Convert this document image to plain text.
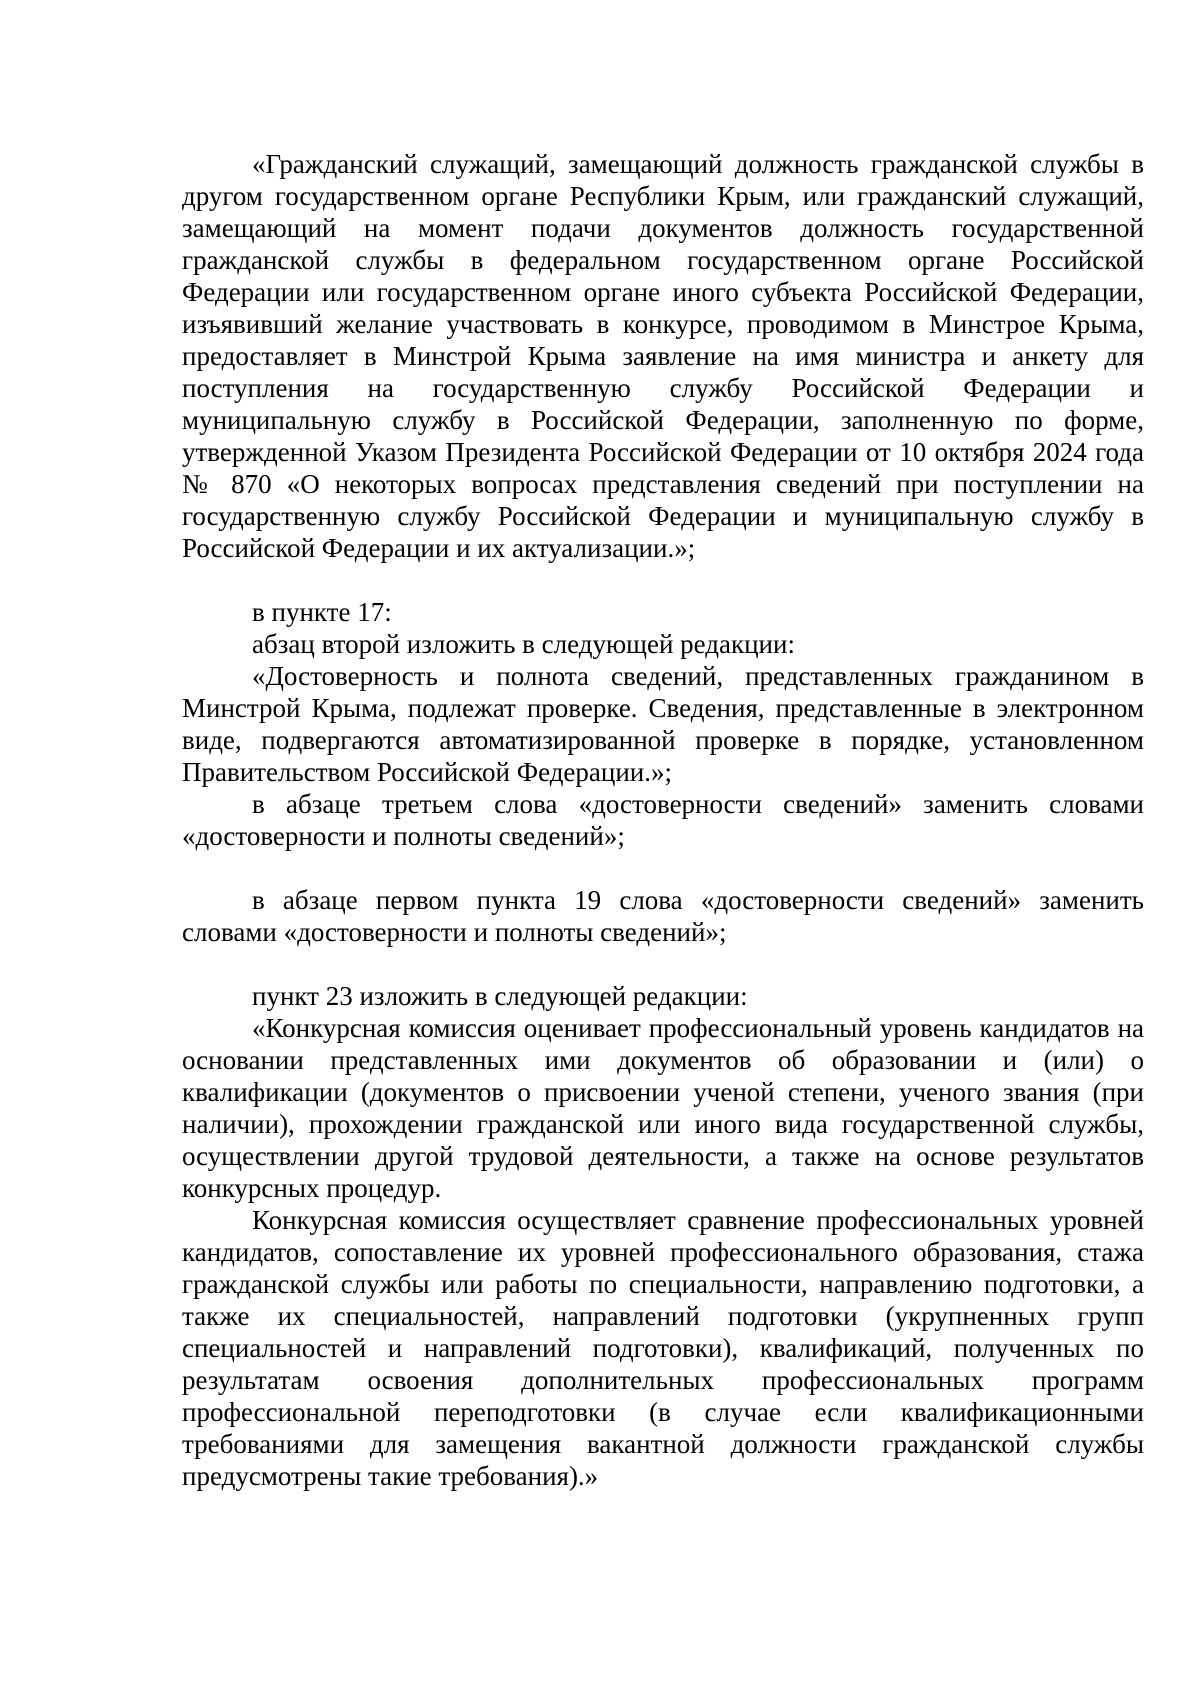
«Гражданский служащий, замещающий должность гражданской службы в другом государственном органе Республики Крым, или гражданский служащий, замещающий на момент подачи документов должность государственной гражданской службы в федеральном государственном органе Российской Федерации или государственном органе иного субъекта Российской Федерации, изъявивший желание участвовать в конкурсе, проводимом в Минстрое Крыма, предоставляет в Минстрой Крыма заявление на имя министра и анкету для поступления на государственную службу Российской Федерации и муниципальную службу в Российской Федерации, заполненную по форме, утвержденной Указом Президента Российской Федерации от 10 октября 2024 года № 870 «О некоторых вопросах представления сведений при поступлении на государственную службу Российской Федерации и муниципальную службу в Российской Федерации и их актуализации.»;

в пункте 17:

абзац второй изложить в следующей редакции:

«Достоверность и полнота сведений, представленных гражданином в Минстрой Крыма, подлежат проверке. Сведения, представленные в электронном виде, подвергаются автоматизированной проверке в порядке, установленном Правительством Российской Федерации.»;

в абзаце третьем слова «достоверности сведений» заменить словами «достоверности и полноты сведений»;

в абзаце первом пункта 19 слова «достоверности сведений» заменить словами «достоверности и полноты сведений»;

пункт 23 изложить в следующей редакции:

«Конкурсная комиссия оценивает профессиональный уровень кандидатов на основании представленных ими документов об образовании и (или) о квалификации (документов о присвоении ученой степени, ученого звания (при наличии), прохождении гражданской или иного вида государственной службы, осуществлении другой трудовой деятельности, а также на основе результатов конкурсных процедур.

Конкурсная комиссия осуществляет сравнение профессиональных уровней кандидатов, сопоставление их уровней профессионального образования, стажа гражданской службы или работы по специальности, направлению подготовки, а также их специальностей, направлений подготовки (укрупненных групп специальностей и направлений подготовки), квалификаций, полученных по результатам освоения дополнительных профессиональных программ профессиональной переподготовки (в случае если квалификационными требованиями для замещения вакантной должности гражданской службы предусмотрены такие требования).»
